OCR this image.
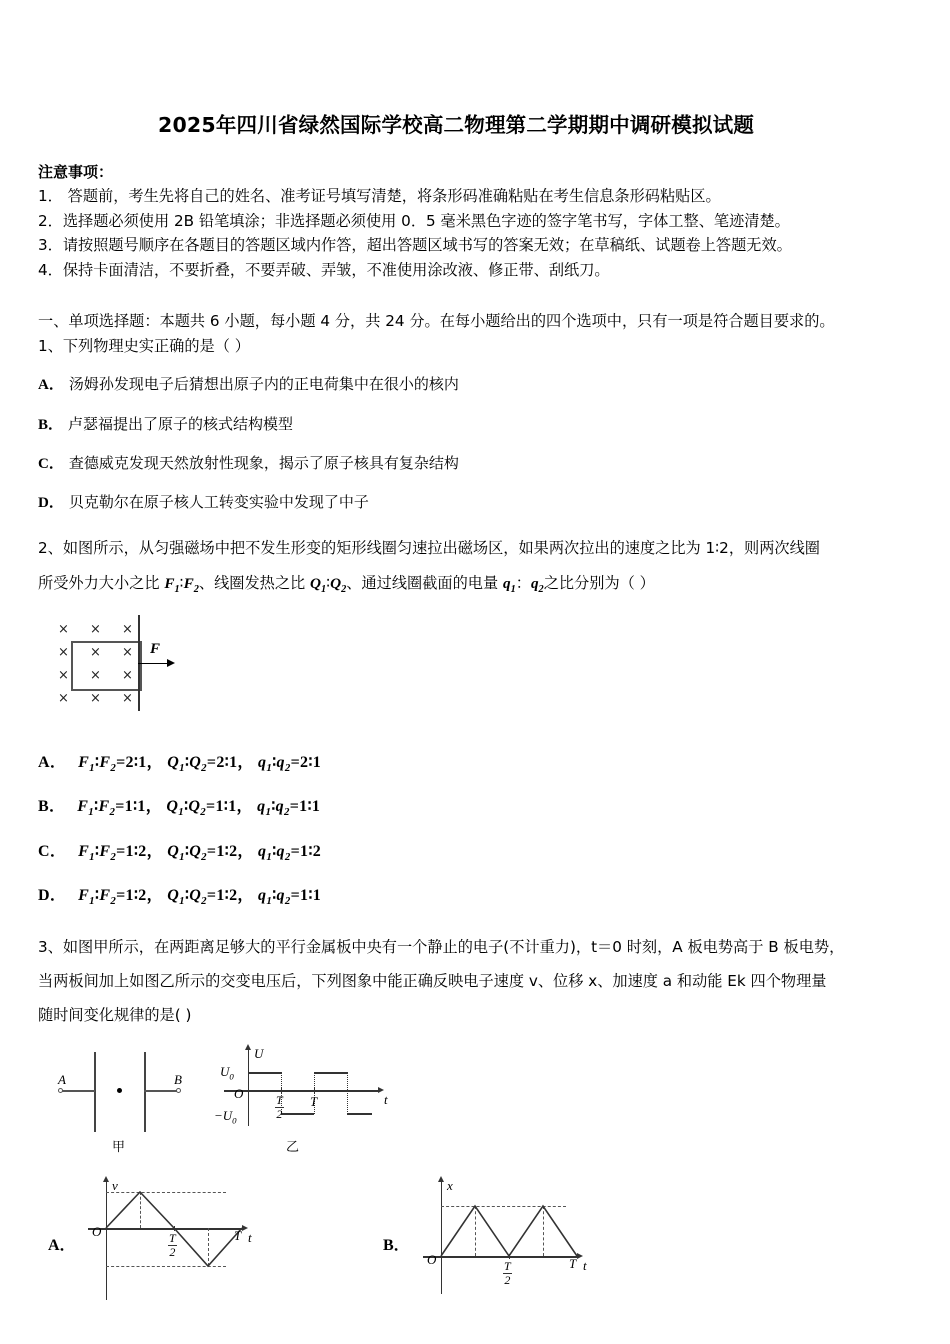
2025年四川省绿然国际学校高二物理第二学期期中调研模拟试题
注意事项：
1． 答题前，考生先将自己的姓名、准考证号填写清楚，将条形码准确粘贴在考生信息条形码粘贴区。
2．选择题必须使用 2B 铅笔填涂；非选择题必须使用 0．5 毫米黑色字迹的签字笔书写，字体工整、笔迹清楚。
3．请按照题号顺序在各题目的答题区域内作答，超出答题区域书写的答案无效；在草稿纸、试题卷上答题无效。
4．保持卡面清洁，不要折叠，不要弄破、弄皱，不准使用涂改液、修正带、刮纸刀。
一、单项选择题：本题共 6 小题，每小题 4 分，共 24 分。在每小题给出的四个选项中，只有一项是符合题目要求的。
1、下列物理史实正确的是（ ）
A． 汤姆孙发现电子后猜想出原子内的正电荷集中在很小的核内
B． 卢瑟福提出了原子的核式结构模型
C． 查德威克发现天然放射性现象，揭示了原子核具有复杂结构
D． 贝克勒尔在原子核人工转变实验中发现了中子
2、如图所示，从匀强磁场中把不发生形变的矩形线圈匀速拉出磁场区，如果两次拉出的速度之比为 1∶2，则两次线圈
所受外力大小之比 $F_1∶F_2$、线圈发热之比 $Q_1∶Q_2$、通过线圈截面的电量 $q_1$：$q_2$之比分别为（ ）
× × ×
× × ×
× × ×
× × ×
F
A． $F_1∶F_2=2∶1$， $Q_1∶Q_2=2∶1$， $q_1∶q_2=2∶1$
B． $F_1∶F_2=1∶1$， $Q_1∶Q_2=1∶1$， $q_1∶q_2=1∶1$
C． $F_1∶F_2=1∶2$， $Q_1∶Q_2=1∶2$， $q_1∶q_2=1∶2$
D． $F_1∶F_2=1∶2$， $Q_1∶Q_2=1∶2$， $q_1∶q_2=1∶1$
3、如图甲所示，在两距离足够大的平行金属板中央有一个静止的电子(不计重力)，t＝0 时刻，A 板电势高于 B 板电势，
当两板间加上如图乙所示的交变电压后，下列图象中能正确反映电子速度 v、位移 x、加速度 a 和动能 Ek 四个物理量
随时间变化规律的是( )
A	B
甲
U
t
O
$U_0$
$-U_0$
$\frac{T}{2}$ T
乙
A．
v
t
O
$\frac{T}{2}$	T
B．
x
t
O
$\frac{T}{2}$	T
